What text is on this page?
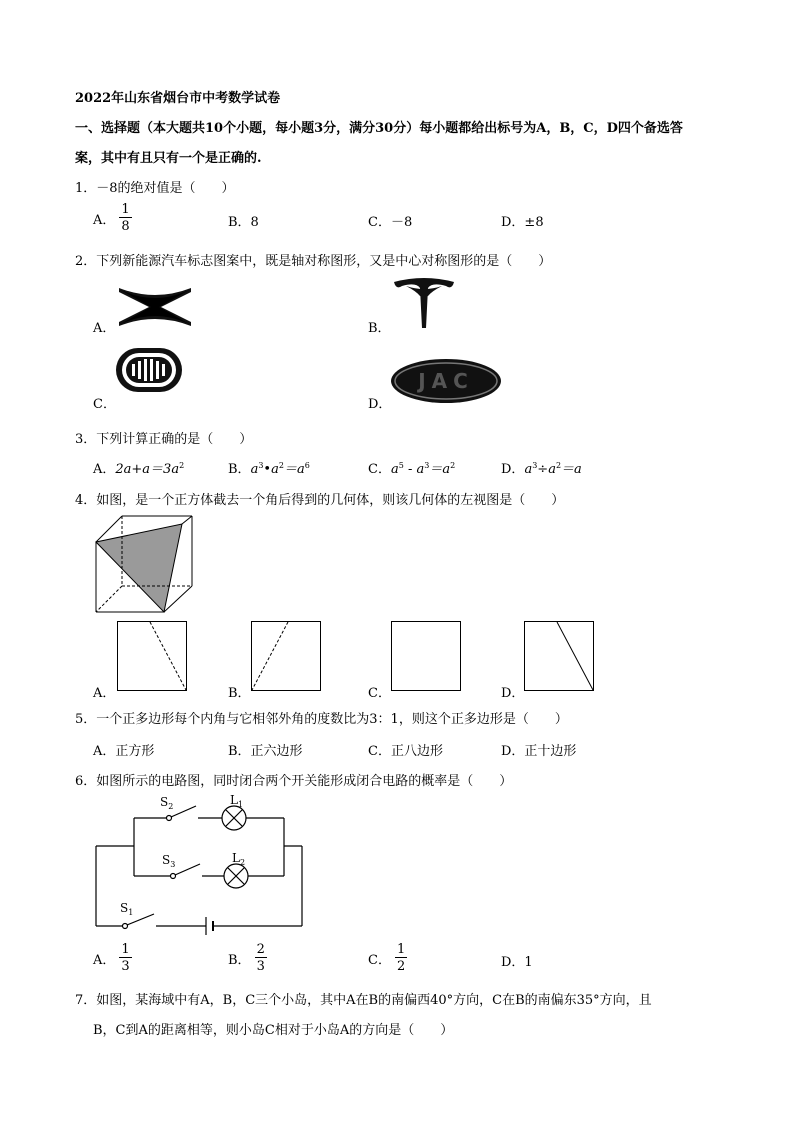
2022年山东省烟台市中考数学试卷
一、选择题（本大题共10个小题，每小题3分，满分30分）每小题都给出标号为A，B，C，D四个备选答
案，其中有且只有一个是正确的.
1．－8的绝对值是（　　）
A． $\frac{1}{8}$	B．8	C．－8	D．±8
2．下列新能源汽车标志图案中，既是轴对称图形，又是中心对称图形的是（　　）
A．	B．
C．
JAC
D．
3．下列计算正确的是（　　）
A．$2a+a=3a^2$	B．$a^3•a^2=a^6$	C．$a^5 - a^3=a^2$	D．$a^3\div a^2=a$
4．如图，是一个正方体截去一个角后得到的几何体，则该几何体的左视图是（　　）
A．	B．	C．	D．
5．一个正多边形每个内角与它相邻外角的度数比为3：1，则这个正多边形是（　　）
A．正方形	B．正六边形	C．正八边形	D．正十边形
6．如图所示的电路图，同时闭合两个开关能形成闭合电路的概率是（　　）
$S_2$	$L_1$
$S_3$	$L_2$
$S_1$
A． $\frac{1}{3}$	B． $\frac{2}{3}$	C． $\frac{1}{2}$	D．1
7．如图，某海域中有A，B，C三个小岛，其中A在B的南偏西40°方向，C在B的南偏东35°方向，且
B，C到A的距离相等，则小岛C相对于小岛A的方向是（　　）
